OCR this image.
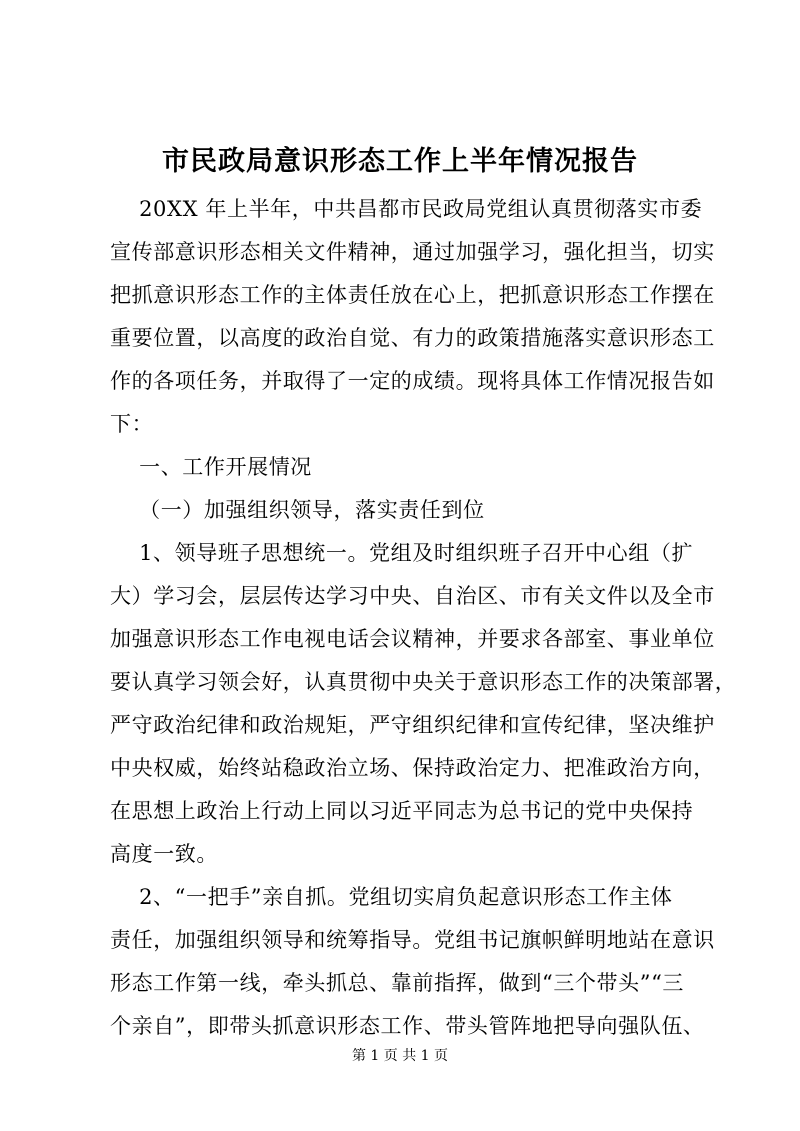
市民政局意识形态工作上半年情况报告
20XX 年上半年，中共昌都市民政局党组认真贯彻落实市委
宣传部意识形态相关文件精神，通过加强学习，强化担当，切实
把抓意识形态工作的主体责任放在心上，把抓意识形态工作摆在
重要位置，以高度的政治自觉、有力的政策措施落实意识形态工
作的各项任务，并取得了一定的成绩。现将具体工作情况报告如
下：
一、工作开展情况
（一）加强组织领导，落实责任到位
1、领导班子思想统一。党组及时组织班子召开中心组（扩
大）学习会，层层传达学习中央、自治区、市有关文件以及全市
加强意识形态工作电视电话会议精神，并要求各部室、事业单位
要认真学习领会好，认真贯彻中央关于意识形态工作的决策部署，
严守政治纪律和政治规矩，严守组织纪律和宣传纪律，坚决维护
中央权威，始终站稳政治立场、保持政治定力、把准政治方向，
在思想上政治上行动上同以习近平同志为总书记的党中央保持
高度一致。
2、“一把手”亲自抓。党组切实肩负起意识形态工作主体
责任，加强组织领导和统筹指导。党组书记旗帜鲜明地站在意识
形态工作第一线，牵头抓总、靠前指挥，做到“三个带头”“三
个亲自”，即带头抓意识形态工作、带头管阵地把导向强队伍、
第 1 页 共 1 页
